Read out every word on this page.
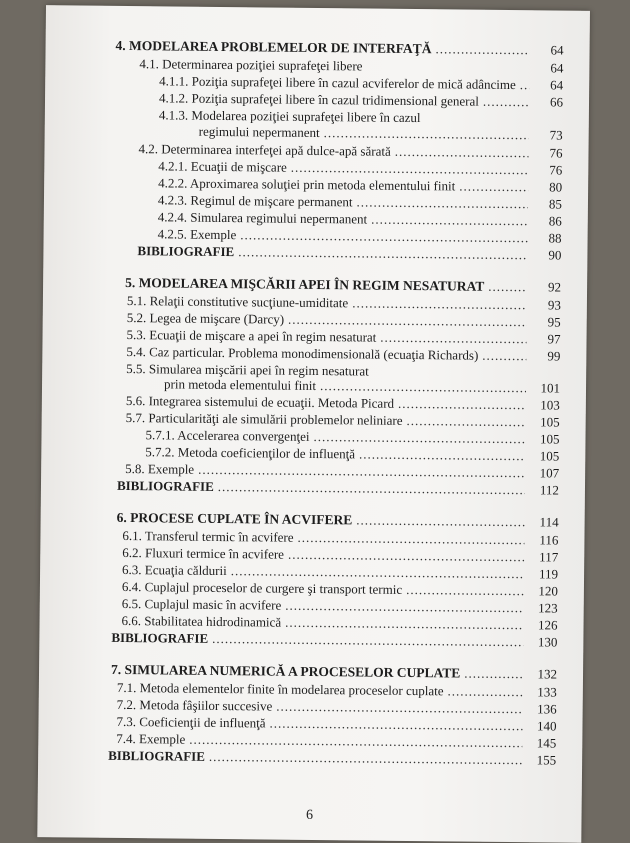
4. MODELAREA PROBLEMELOR DE INTERFAŢĂ .....	64
4.1. Determinarea poziţiei suprafeţei libere	64
4.1.1. Poziţia suprafeţei libere în cazul acviferelor de mică adâncime .....	64
4.1.2. Poziţia suprafeţei libere în cazul tridimensional general .....	66
4.1.3. Modelarea poziţiei suprafeţei libere în cazul
regimului nepermanent .....	73
4.2. Determinarea interfeţei apă dulce-apă sărată .....	76
4.2.1. Ecuaţii de mişcare .....	76
4.2.2. Aproximarea soluţiei prin metoda elementului finit .....	80
4.2.3. Regimul de mişcare permanent .....	85
4.2.4. Simularea regimului nepermanent .....	86
4.2.5. Exemple .....	88
BIBLIOGRAFIE .....	90
5. MODELAREA MIŞCĂRII APEI ÎN REGIM NESATURAT .....	92
5.1. Relaţii constitutive sucţiune-umiditate .....	93
5.2. Legea de mişcare (Darcy) .....	95
5.3. Ecuaţii de mişcare a apei în regim nesaturat .....	97
5.4. Caz particular. Problema monodimensională (ecuaţia Richards) .....	99
5.5. Simularea mişcării apei în regim nesaturat
prin metoda elementului finit .....	101
5.6. Integrarea sistemului de ecuaţii. Metoda Picard .....	103
5.7. Particularităţi ale simulării problemelor neliniare .....	105
5.7.1. Accelerarea convergenţei .....	105
5.7.2. Metoda coeficienţilor de influenţă .....	105
5.8. Exemple .....	107
BIBLIOGRAFIE .....	112
6. PROCESE CUPLATE ÎN ACVIFERE .....	114
6.1. Transferul termic în acvifere .....	116
6.2. Fluxuri termice în acvifere .....	117
6.3. Ecuaţia căldurii .....	119
6.4. Cuplajul proceselor de curgere şi transport termic .....	120
6.5. Cuplajul masic în acvifere .....	123
6.6. Stabilitatea hidrodinamică .....	126
BIBLIOGRAFIE .....	130
7. SIMULAREA NUMERICĂ A PROCESELOR CUPLATE .....	132
7.1. Metoda elementelor finite în modelarea proceselor cuplate .....	133
7.2. Metoda fâşiilor succesive .....	136
7.3. Coeficienţii de influenţă .....	140
7.4. Exemple .....	145
BIBLIOGRAFIE .....	155
6
